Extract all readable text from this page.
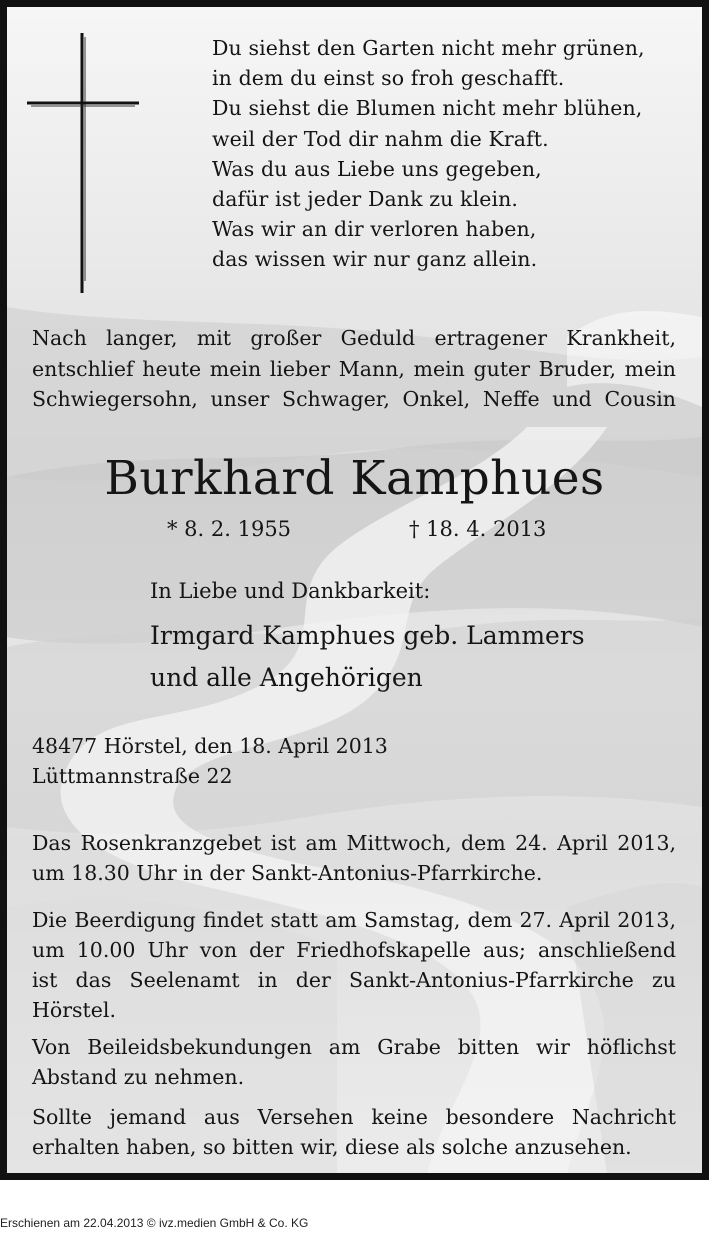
Du siehst den Garten nicht mehr grünen,
in dem du einst so froh geschafft.
Du siehst die Blumen nicht mehr blühen,
weil der Tod dir nahm die Kraft.
Was du aus Liebe uns gegeben,
dafür ist jeder Dank zu klein.
Was wir an dir verloren haben,
das wissen wir nur ganz allein.
Nach langer, mit großer Geduld ertragener Krankheit,
entschlief heute mein lieber Mann, mein guter Bruder, mein
Schwiegersohn, unser Schwager, Onkel, Neffe und Cousin
Burkhard Kamphues
* 8. 2. 1955	† 18. 4. 2013
In Liebe und Dankbarkeit:
Irmgard Kamphues geb. Lammers
und alle Angehörigen
48477 Hörstel, den 18. April 2013
Lüttmannstraße 22
Das Rosenkranzgebet ist am Mittwoch, dem 24. April 2013,
um 18.30 Uhr in der Sankt-Antonius-Pfarrkirche.
Die Beerdigung findet statt am Samstag, dem 27. April 2013,
um 10.00 Uhr von der Friedhofskapelle aus; anschließend
ist das Seelenamt in der Sankt-Antonius-Pfarrkirche zu
Hörstel.
Von Beileidsbekundungen am Grabe bitten wir höflichst
Abstand zu nehmen.
Sollte jemand aus Versehen keine besondere Nachricht
erhalten haben, so bitten wir, diese als solche anzusehen.
Erschienen am 22.04.2013 © ivz.medien GmbH & Co. KG
